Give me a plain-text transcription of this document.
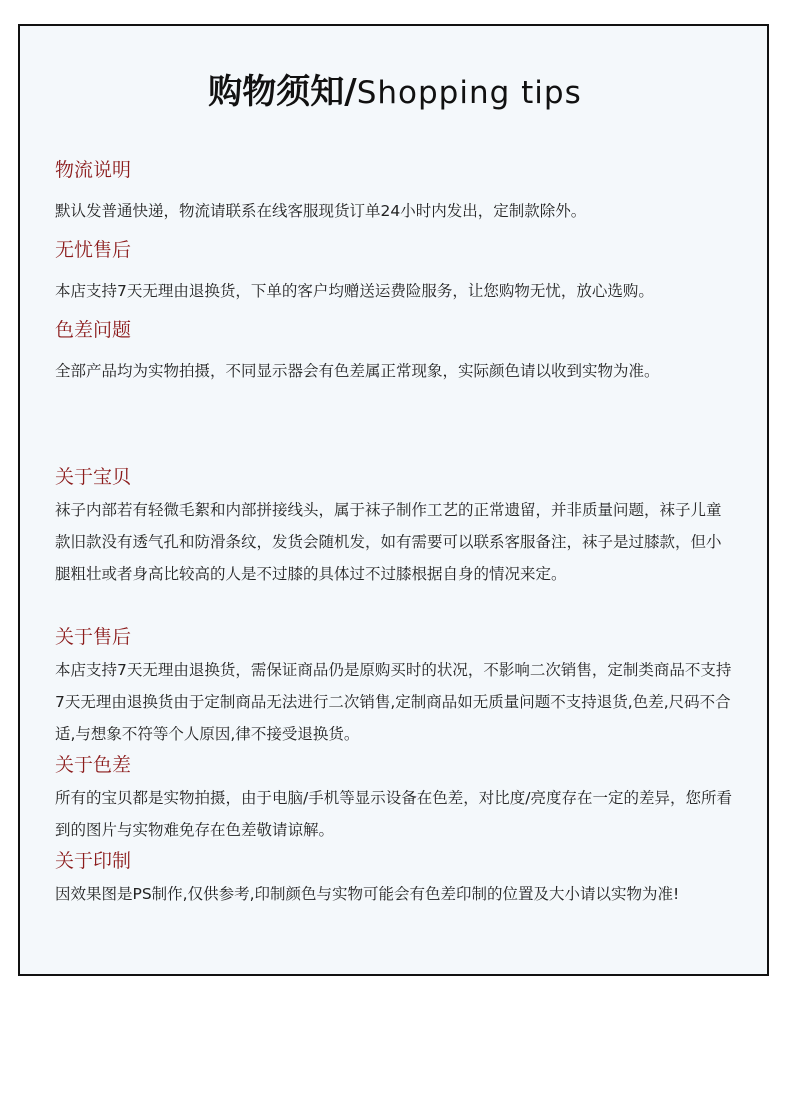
购物须知/Shopping tips
物流说明
默认发普通快递，物流请联系在线客服现货订单24小时内发出，定制款除外。
无忧售后
本店支持7天无理由退换货，下单的客户均赠送运费险服务，让您购物无忧，放心选购。
色差问题
全部产品均为实物拍摄，不同显示器会有色差属正常现象，实际颜色请以收到实物为准。
关于宝贝
袜子内部若有轻微毛絮和内部拼接线头，属于袜子制作工艺的正常遗留，并非质量问题，袜子儿童款旧款没有透气孔和防滑条纹，发货会随机发，如有需要可以联系客服备注，袜子是过膝款，但小腿粗壮或者身高比较高的人是不过膝的具体过不过膝根据自身的情况来定。
关于售后
本店支持7天无理由退换货，需保证商品仍是原购买时的状况，不影响二次销售，定制类商品不支持7天无理由退换货由于定制商品无法进行二次销售,定制商品如无质量问题不支持退货,色差,尺码不合适,与想象不符等个人原因,律不接受退换货。
关于色差
所有的宝贝都是实物拍摄，由于电脑/手机等显示设备在色差，对比度/亮度存在一定的差异，您所看到的图片与实物难免存在色差敬请谅解。
关于印制
因效果图是PS制作,仅供参考,印制颜色与实物可能会有色差印制的位置及大小请以实物为准!
